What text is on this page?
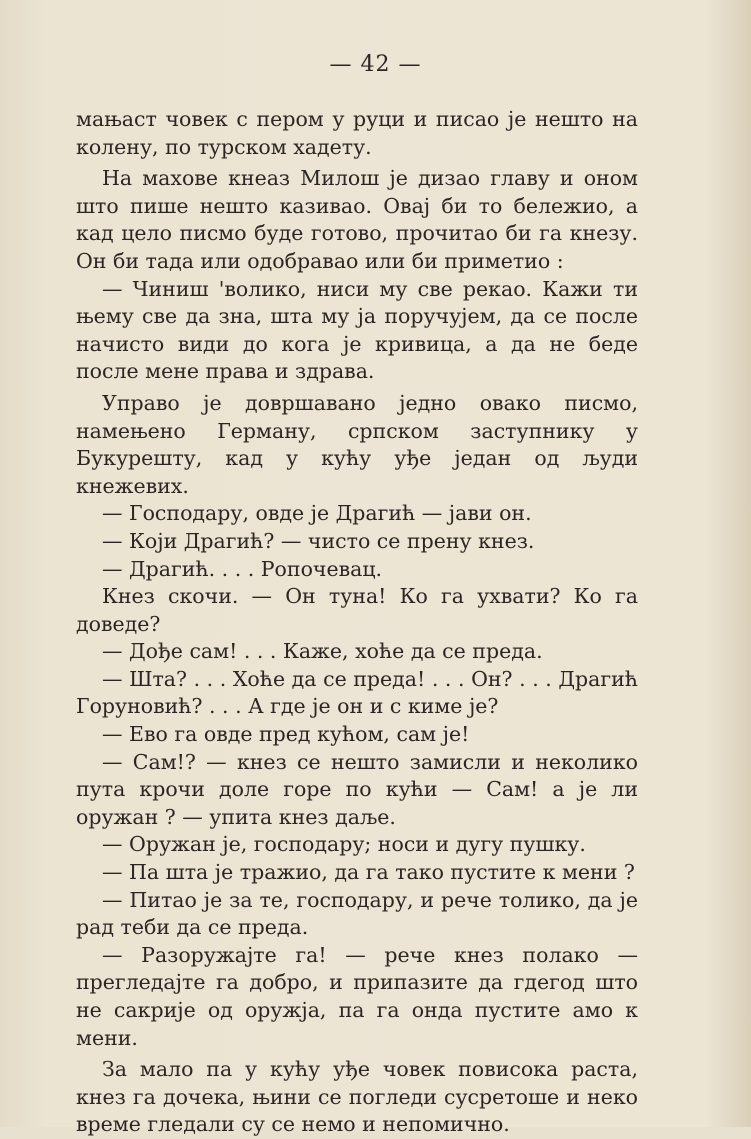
— 42 —

мањаст човек с пером у руци и писао је нешто на колену, по турском хадету.

На махове кнеаз Милош је дизао главу и оном што пише нешто казивао. Овај би то бележио, а кад цело писмо буде готово, прочитао би га кнезу. Он би тада или одобравао или би приметио :

— Чиниш 'волико, ниси му све рекао. Кажи ти њему све да зна, шта му ја поручујем, да се после начисто види до кога је кривица, а да не беде после мене права и здрава.

Управо је довршавано једно овако писмо, намењено Герману, српском заступнику у Букурешту, кад у кућу уђе један од људи кнежевих.

— Господару, овде је Драгић — јави он.

— Који Драгић? — чисто се прену кнез.

— Драгић. . . . Ропочевац.

Кнез скочи. — Он туна! Ко га ухвати? Ко га доведе?

— Дође сам! . . . Каже, хоће да се преда.

— Шта? . . . Хоће да се преда! . . . Он? . . . Драгић Горуновић? . . . А где је он и с киме је?

— Ево га овде пред кућом, сам је!

— Сам!? — кнез се нешто замисли и неколико пута крочи доле горе по кући — Сам! а је ли оружан ? — упита кнез даље.

— Оружан је, господару; носи и дугу пушку.

— Па шта је тражио, да га тако пустите к мени ?

— Питао је за те, господару, и рече толико, да је рад теби да се преда.

— Разоружајте га! — рече кнез полако — прегледајте га добро, и припазите да гдегод што не сакрије од оружја, па га онда пустите амо к мени.

За мало па у кућу уђе човек повисока раста, кнез га дочека, њини се погледи сусретоше и неко време гледали су се немо и непомично.
